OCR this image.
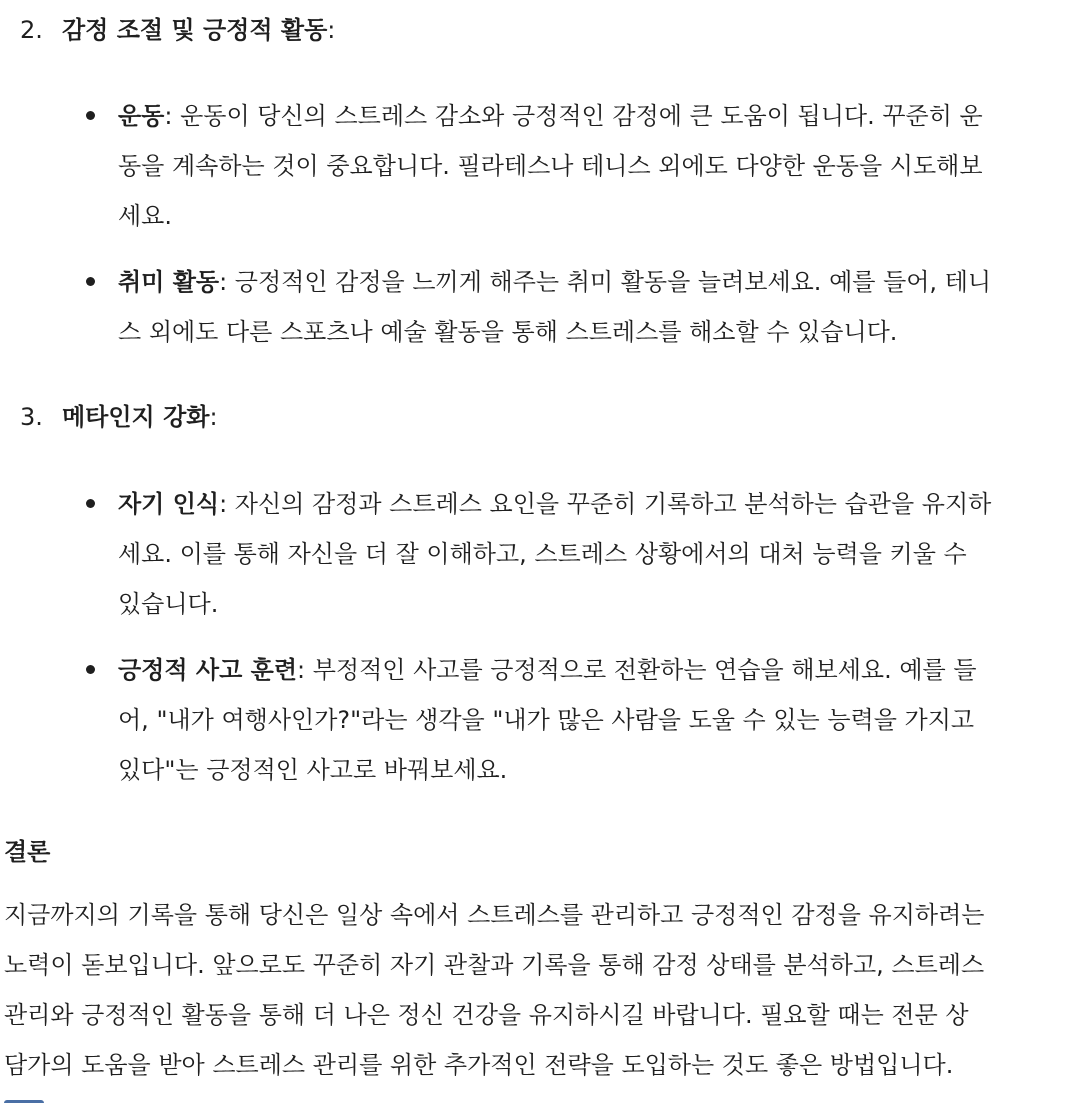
2. 감정 조절 및 긍정적 활동:
운동: 운동이 당신의 스트레스 감소와 긍정적인 감정에 큰 도움이 됩니다. 꾸준히 운
동을 계속하는 것이 중요합니다. 필라테스나 테니스 외에도 다양한 운동을 시도해보
세요.
취미 활동: 긍정적인 감정을 느끼게 해주는 취미 활동을 늘려보세요. 예를 들어, 테니
스 외에도 다른 스포츠나 예술 활동을 통해 스트레스를 해소할 수 있습니다.
3. 메타인지 강화:
자기 인식: 자신의 감정과 스트레스 요인을 꾸준히 기록하고 분석하는 습관을 유지하
세요. 이를 통해 자신을 더 잘 이해하고, 스트레스 상황에서의 대처 능력을 키울 수
있습니다.
긍정적 사고 훈련: 부정적인 사고를 긍정적으로 전환하는 연습을 해보세요. 예를 들
어, "내가 여행사인가?"라는 생각을 "내가 많은 사람을 도울 수 있는 능력을 가지고
있다"는 긍정적인 사고로 바꿔보세요.
결론
지금까지의 기록을 통해 당신은 일상 속에서 스트레스를 관리하고 긍정적인 감정을 유지하려는
노력이 돋보입니다. 앞으로도 꾸준히 자기 관찰과 기록을 통해 감정 상태를 분석하고, 스트레스
관리와 긍정적인 활동을 통해 더 나은 정신 건강을 유지하시길 바랍니다. 필요할 때는 전문 상
담가의 도움을 받아 스트레스 관리를 위한 추가적인 전략을 도입하는 것도 좋은 방법입니다.
